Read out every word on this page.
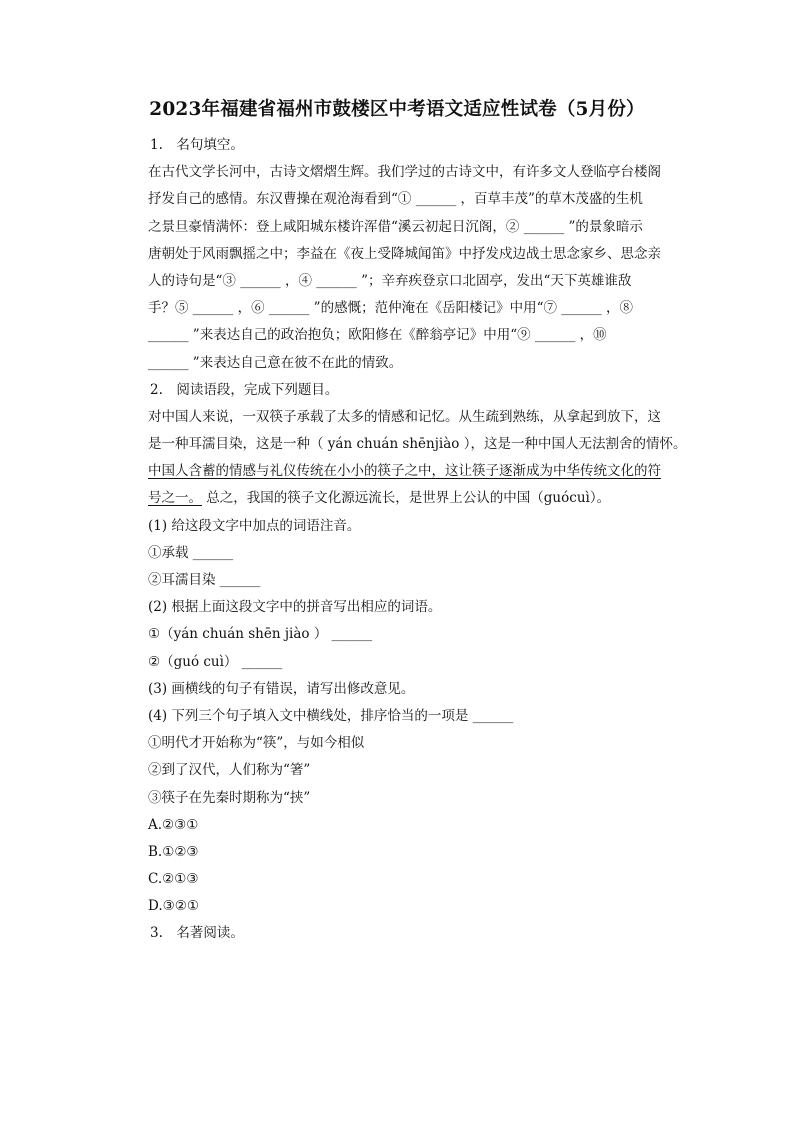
2023年福建省福州市鼓楼区中考语文适应性试卷（5月份）
1.　名句填空。
在古代文学长河中，古诗文熠熠生辉。我们学过的古诗文中，有许多文人登临亭台楼阁
抒发自己的感情。东汉曹操在观沧海看到“① ______ ，百草丰茂”的草木茂盛的生机
之景旦豪情满怀：登上咸阳城东楼许浑借“溪云初起日沉阁，② ______ ”的景象暗示
唐朝处于风雨飘摇之中；李益在《夜上受降城闻笛》中抒发戍边战士思念家乡、思念亲
人的诗句是“③ ______ ，④ ______ ”；辛弃疾登京口北固亭，发出“天下英雄谁敌
手？⑤ ______ ，⑥ ______ ”的感慨；范仲淹在《岳阳楼记》中用“⑦ ______ ，⑧
______ ”来表达自己的政治抱负；欧阳修在《醉翁亭记》中用“⑨ ______ ，⑩
______ ”来表达自己意在彼不在此的情致。
2.　阅读语段，完成下列题目。
对中国人来说，一双筷子承载了太多的情感和记忆。从生疏到熟练，从拿起到放下，这
是一种耳濡目染，这是一种（ yán chuán shēnjiào ），这是一种中国人无法割舍的情怀。
中国人含蓄的情感与礼仪传统在小小的筷子之中，这让筷子逐渐成为中华传统文化的符
号之一。 总之，我国的筷子文化源远流长，是世界上公认的中国（guócuì）。
(1) 给这段文字中加点的词语注音。
①承载 ______
②耳濡目染 ______
(2) 根据上面这段文字中的拼音写出相应的词语。
①（yán chuán shēn jiào ） ______
②（guó cuì） ______
(3) 画横线的句子有错误，请写出修改意见。
(4) 下列三个句子填入文中横线处，排序恰当的一项是 ______
①明代才开始称为“筷”，与如今相似
②到了汉代，人们称为“箸”
③筷子在先秦时期称为“挟”
A.②③①
B.①②③
C.②①③
D.③②①
3.　名著阅读。
